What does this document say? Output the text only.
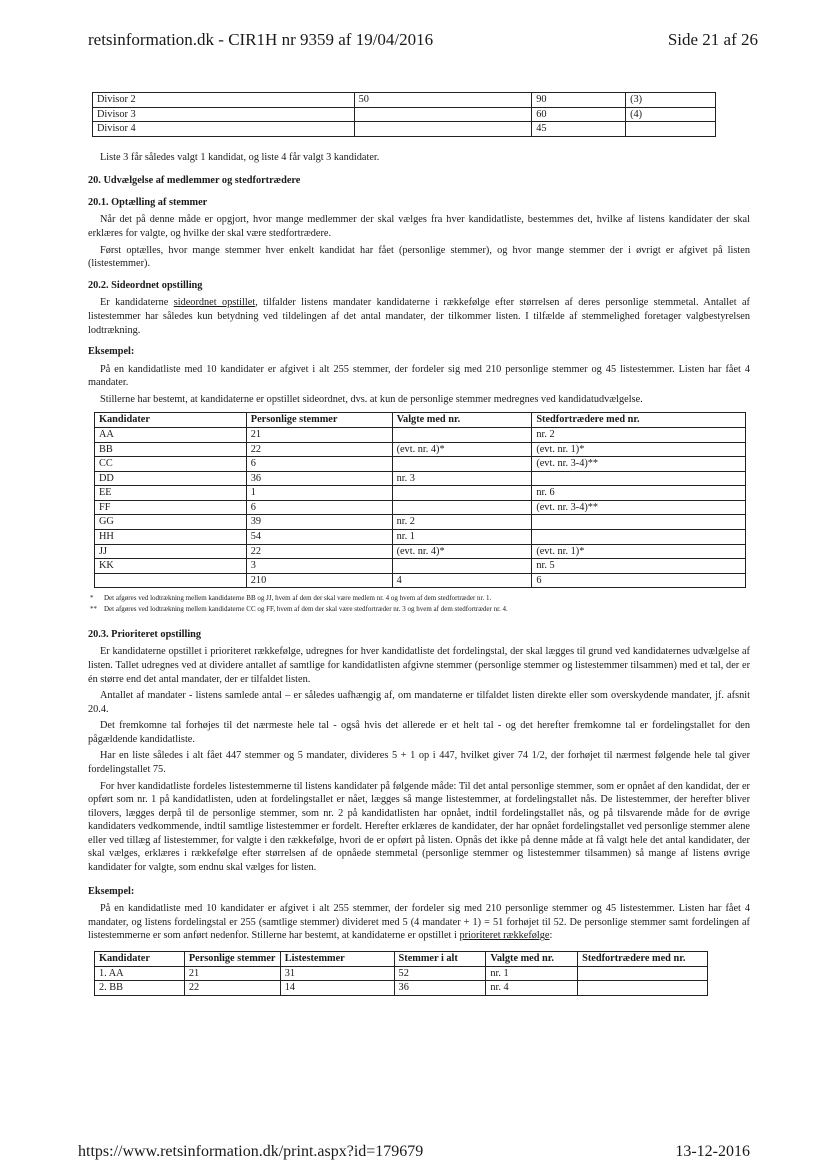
retsinformation.dk - CIR1H nr 9359 af 19/04/2016	Side 21 af 26
Divisor 2	50	90	(3)
Divisor 3		60	(4)
Divisor 4		45	

Liste 3 får således valgt 1 kandidat, og liste 4 får valgt 3 kandidater.

20. Udvælgelse af medlemmer og stedfortrædere
20.1. Optælling af stemmer

Når det på denne måde er opgjort, hvor mange medlemmer der skal vælges fra hver kandidatliste, bestemmes det, hvilke af listens kandidater der skal erklæres for valgte, og hvilke der skal være stedfortrædere.

Først optælles, hvor mange stemmer hver enkelt kandidat har fået (personlige stemmer), og hvor mange stemmer der i øvrigt er afgivet på listen (listestemmer).

20.2. Sideordnet opstilling

Er kandidaterne sideordnet opstillet, tilfalder listens mandater kandidaterne i rækkefølge efter størrelsen af deres personlige stemmetal. Antallet af listestemmer har således kun betydning ved tildelingen af det antal mandater, der tilkommer listen. I tilfælde af stemmelighed foretager valgbestyrelsen lodtrækning.

Eksempel:

På en kandidatliste med 10 kandidater er afgivet i alt 255 stemmer, der fordeler sig med 210 personlige stemmer og 45 listestemmer. Listen har fået 4 mandater.

Stillerne har bestemt, at kandidaterne er opstillet sideordnet, dvs. at kun de personlige stemmer medregnes ved kandidatudvælgelse.

Kandidater	Personlige stemmer	Valgte med nr.	Stedfortrædere med nr.
AA	21		nr. 2
BB	22	(evt. nr. 4)*	(evt. nr. 1)*
CC	6		(evt. nr. 3-4)**
DD	36	nr. 3	
EE	1		nr. 6
FF	6		(evt. nr. 3-4)**
GG	39	nr. 2	
HH	54	nr. 1	
JJ	22	(evt. nr. 4)*	(evt. nr. 1)*
KK	3		nr. 5
	210	4	6
* Det afgøres ved lodtrækning mellem kandidaterne BB og JJ, hvem af dem der skal være medlem nr. 4 og hvem af dem stedfortræder nr. 1.
** Det afgøres ved lodtrækning mellem kandidaterne CC og FF, hvem af dem der skal være stedfortræder nr. 3 og hvem af dem stedfortræder nr. 4.
20.3. Prioriteret opstilling

Er kandidaterne opstillet i prioriteret rækkefølge, udregnes for hver kandidatliste det fordelingstal, der skal lægges til grund ved kandidaternes udvælgelse af listen. Tallet udregnes ved at dividere antallet af samtlige for kandidatlisten afgivne stemmer (personlige stemmer og listestemmer tilsammen) med et tal, der er én større end det antal mandater, der er tilfaldet listen.

Antallet af mandater - listens samlede antal – er således uafhængig af, om mandaterne er tilfaldet listen direkte eller som overskydende mandater, jf. afsnit 20.4.

Det fremkomne tal forhøjes til det nærmeste hele tal - også hvis det allerede er et helt tal - og det herefter fremkomne tal er fordelingstallet for den pågældende kandidatliste.

Har en liste således i alt fået 447 stemmer og 5 mandater, divideres 5 + 1 op i 447, hvilket giver 74 1/2, der forhøjet til nærmest følgende hele tal giver fordelingstallet 75.

For hver kandidatliste fordeles listestemmerne til listens kandidater på følgende måde: Til det antal personlige stemmer, som er opnået af den kandidat, der er opført som nr. 1 på kandidatlisten, uden at fordelingstallet er nået, lægges så mange listestemmer, at fordelingstallet nås. De listestemmer, der herefter bliver tilovers, lægges derpå til de personlige stemmer, som nr. 2 på kandidatlisten har opnået, indtil fordelingstallet nås, og på tilsvarende måde for de øvrige kandidaters vedkommende, indtil samtlige listestemmer er fordelt. Herefter erklæres de kandidater, der har opnået fordelingstallet ved personlige stemmer alene eller ved tillæg af listestemmer, for valgte i den rækkefølge, hvori de er opført på listen. Opnås det ikke på denne måde at få valgt hele det antal kandidater, der skal vælges, erklæres i rækkefølge efter størrelsen af de opnåede stemmetal (personlige stemmer og listestemmer tilsammen) så mange af listens øvrige kandidater for valgte, som endnu skal vælges for listen.

Eksempel:

På en kandidatliste med 10 kandidater er afgivet i alt 255 stemmer, der fordeler sig med 210 personlige stemmer og 45 listestemmer. Listen har fået 4 mandater, og listens fordelingstal er 255 (samtlige stemmer) divideret med 5 (4 mandater + 1) = 51 forhøjet til 52. De personlige stemmer samt fordelingen af listestemmerne er som anført nedenfor. Stillerne har bestemt, at kandidaterne er opstillet i prioriteret rækkefølge:

Kandidater	Personlige stemmer	Listestemmer	Stemmer i alt	Valgte med nr.	Stedfortrædere med nr.
1. AA	21	31	52	nr. 1	
2. BB	22	14	36	nr. 4	
https://www.retsinformation.dk/print.aspx?id=179679	13-12-2016
